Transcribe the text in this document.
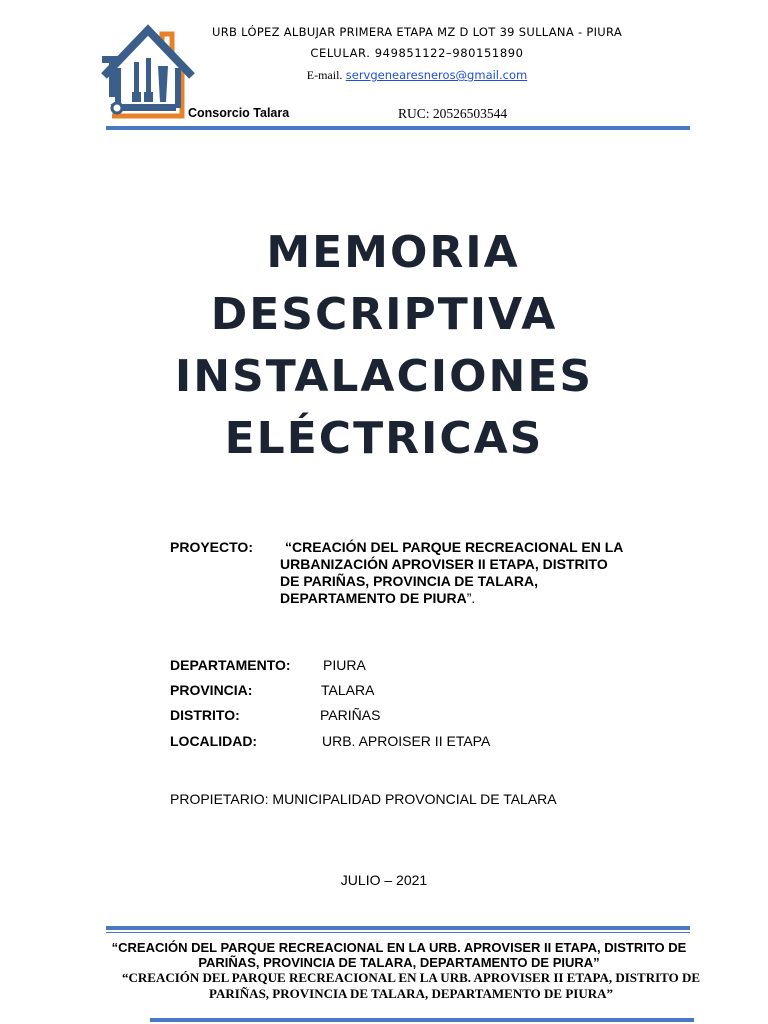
URB LÓPEZ ALBUJAR PRIMERA ETAPA MZ D LOT 39 SULLANA - PIURA
CELULAR. 949851122–980151890
E-mail. servgenearesneros@gmail.com
Consorcio Talara	RUC: 20526503544
MEMORIA
DESCRIPTIVA
INSTALACIONES
ELÉCTRICAS
PROYECTO:	“CREACIÓN DEL PARQUE RECREACIONAL EN LA
URBANIZACIÓN APROVISER II ETAPA, DISTRITO
DE PARIÑAS, PROVINCIA DE TALARA,
DEPARTAMENTO DE PIURA”.
DEPARTAMENTO: PIURA
PROVINCIA:	TALARA
DISTRITO:	PARIÑAS
LOCALIDAD:	URB. APROISER II ETAPA
PROPIETARIO: MUNICIPALIDAD PROVONCIAL DE TALARA
JULIO – 2021
“CREACIÓN DEL PARQUE RECREACIONAL EN LA URB. APROVISER II ETAPA, DISTRITO DE
PARIÑAS, PROVINCIA DE TALARA, DEPARTAMENTO DE PIURA”
“CREACIÓN DEL PARQUE RECREACIONAL EN LA URB. APROVISER II ETAPA, DISTRITO DE
PARIÑAS, PROVINCIA DE TALARA, DEPARTAMENTO DE PIURA”
